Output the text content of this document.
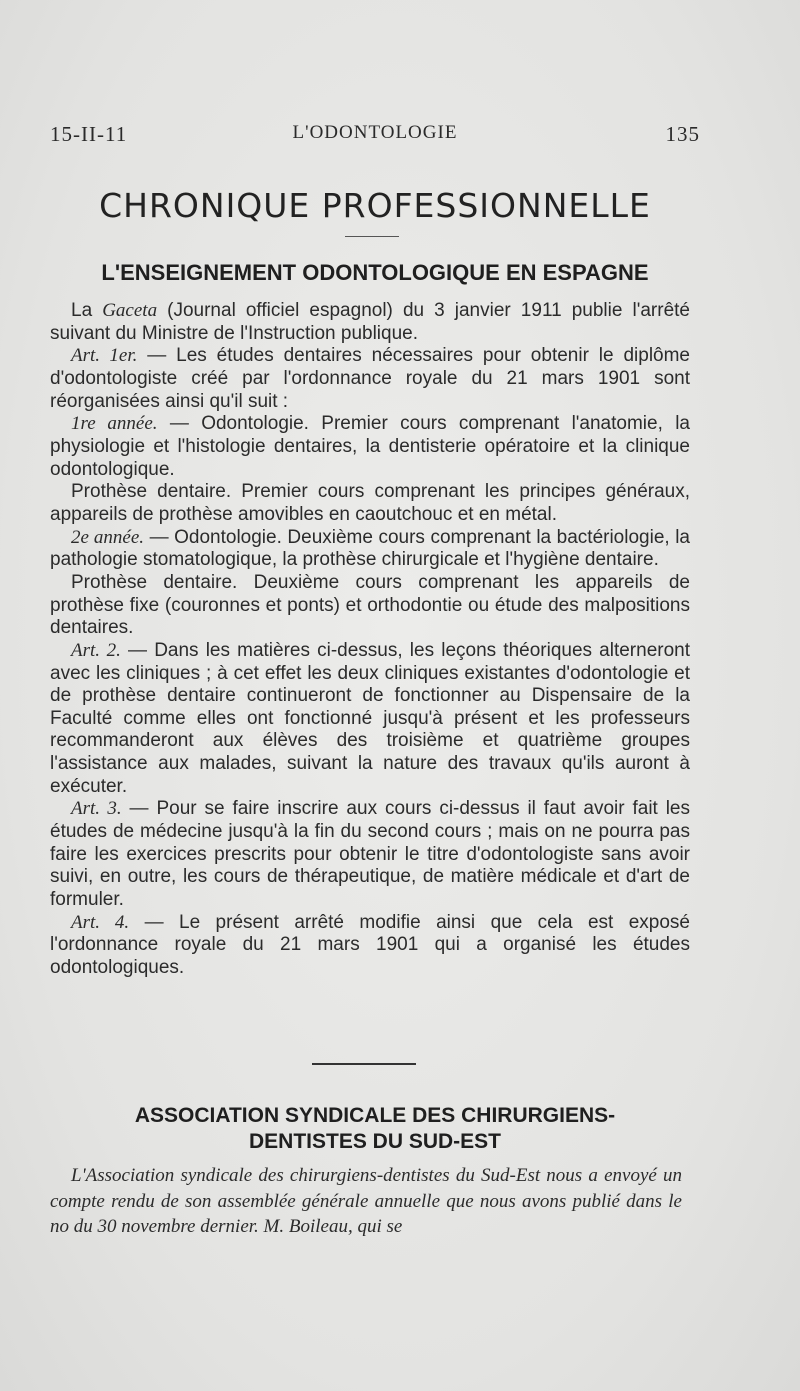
15-II-11	L'ODONTOLOGIE	135
CHRONIQUE PROFESSIONNELLE
L'ENSEIGNEMENT ODONTOLOGIQUE EN ESPAGNE

La Gaceta (Journal officiel espagnol) du 3 janvier 1911 publie l'arrêté suivant du Ministre de l'Instruction publique.

Art. 1er. — Les études dentaires nécessaires pour obtenir le diplôme d'odontologiste créé par l'ordonnance royale du 21 mars 1901 sont réorganisées ainsi qu'il suit :

1re année. — Odontologie. Premier cours comprenant l'anatomie, la physiologie et l'histologie dentaires, la dentisterie opératoire et la clinique odontologique.

Prothèse dentaire. Premier cours comprenant les principes généraux, appareils de prothèse amovibles en caoutchouc et en métal.

2e année. — Odontologie. Deuxième cours comprenant la bactériologie, la pathologie stomatologique, la prothèse chirurgicale et l'hygiène dentaire.

Prothèse dentaire. Deuxième cours comprenant les appareils de prothèse fixe (couronnes et ponts) et orthodontie ou étude des malpositions dentaires.

Art. 2. — Dans les matières ci-dessus, les leçons théoriques alterneront avec les cliniques ; à cet effet les deux cliniques existantes d'odontologie et de prothèse dentaire continueront de fonctionner au Dispensaire de la Faculté comme elles ont fonctionné jusqu'à présent et les professeurs recommanderont aux élèves des troisième et quatrième groupes l'assistance aux malades, suivant la nature des travaux qu'ils auront à exécuter.

Art. 3. — Pour se faire inscrire aux cours ci-dessus il faut avoir fait les études de médecine jusqu'à la fin du second cours ; mais on ne pourra pas faire les exercices prescrits pour obtenir le titre d'odontologiste sans avoir suivi, en outre, les cours de thérapeutique, de matière médicale et d'art de formuler.

Art. 4. — Le présent arrêté modifie ainsi que cela est exposé l'ordonnance royale du 21 mars 1901 qui a organisé les études odontologiques.

ASSOCIATION SYNDICALE DES CHIRURGIENS-
DENTISTES DU SUD-EST
L'Association syndicale des chirurgiens-dentistes du Sud-Est nous a envoyé un compte rendu de son assemblée générale annuelle que nous avons publié dans le no du 30 novembre dernier. M. Boileau, qui se
